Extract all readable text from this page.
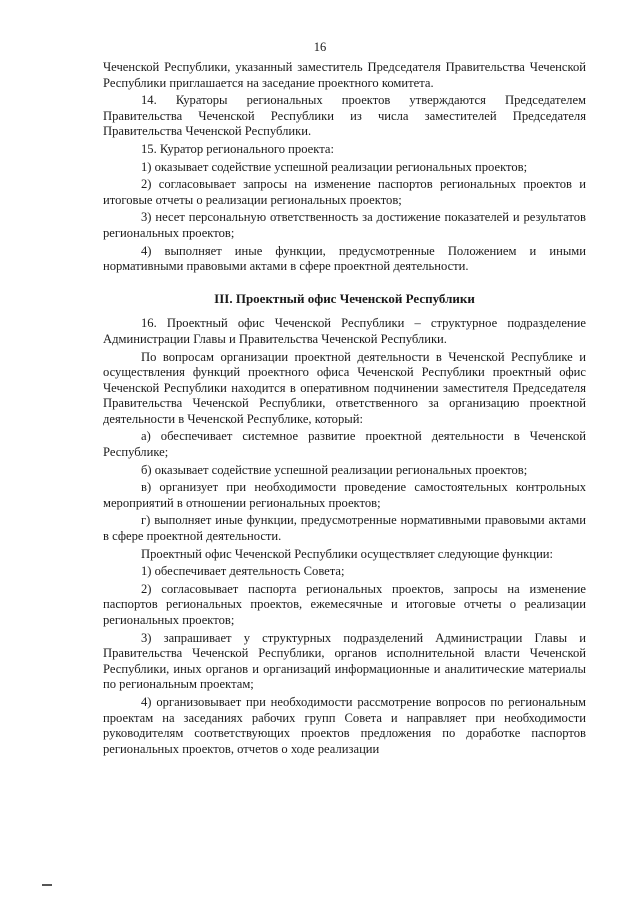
16

Чеченской Республики, указанный заместитель Председателя Правительства Чеченской Республики приглашается на заседание проектного комитета.

14. Кураторы региональных проектов утверждаются Председателем Правительства Чеченской Республики из числа заместителей Председателя Правительства Чеченской Республики.

15. Куратор регионального проекта:

1) оказывает содействие успешной реализации региональных проектов;

2) согласовывает запросы на изменение паспортов региональных проектов и итоговые отчеты о реализации региональных проектов;

3) несет персональную ответственность за достижение показателей и результатов региональных проектов;

4) выполняет иные функции, предусмотренные Положением и иными нормативными правовыми актами в сфере проектной деятельности.

III. Проектный офис Чеченской Республики

16. Проектный офис Чеченской Республики – структурное подразделение Администрации Главы и Правительства Чеченской Республики.

По вопросам организации проектной деятельности в Чеченской Республике и осуществления функций проектного офиса Чеченской Республики проектный офис Чеченской Республики находится в оперативном подчинении заместителя Председателя Правительства Чеченской Республики, ответственного за организацию проектной деятельности в Чеченской Республике, который:

а) обеспечивает системное развитие проектной деятельности в Чеченской Республике;

б) оказывает содействие успешной реализации региональных проектов;

в) организует при необходимости проведение самостоятельных контрольных мероприятий в отношении региональных проектов;

г) выполняет иные функции, предусмотренные нормативными правовыми актами в сфере проектной деятельности.

Проектный офис Чеченской Республики осуществляет следующие функции:

1) обеспечивает деятельность Совета;

2) согласовывает паспорта региональных проектов, запросы на изменение паспортов региональных проектов, ежемесячные и итоговые отчеты о реализации региональных проектов;

3) запрашивает у структурных подразделений Администрации Главы и Правительства Чеченской Республики, органов исполнительной власти Чеченской Республики, иных органов и организаций информационные и аналитические материалы по региональным проектам;

4) организовывает при необходимости рассмотрение вопросов по региональным проектам на заседаниях рабочих групп Совета и направляет при необходимости руководителям соответствующих проектов предложения по доработке паспортов региональных проектов, отчетов о ходе реализации
